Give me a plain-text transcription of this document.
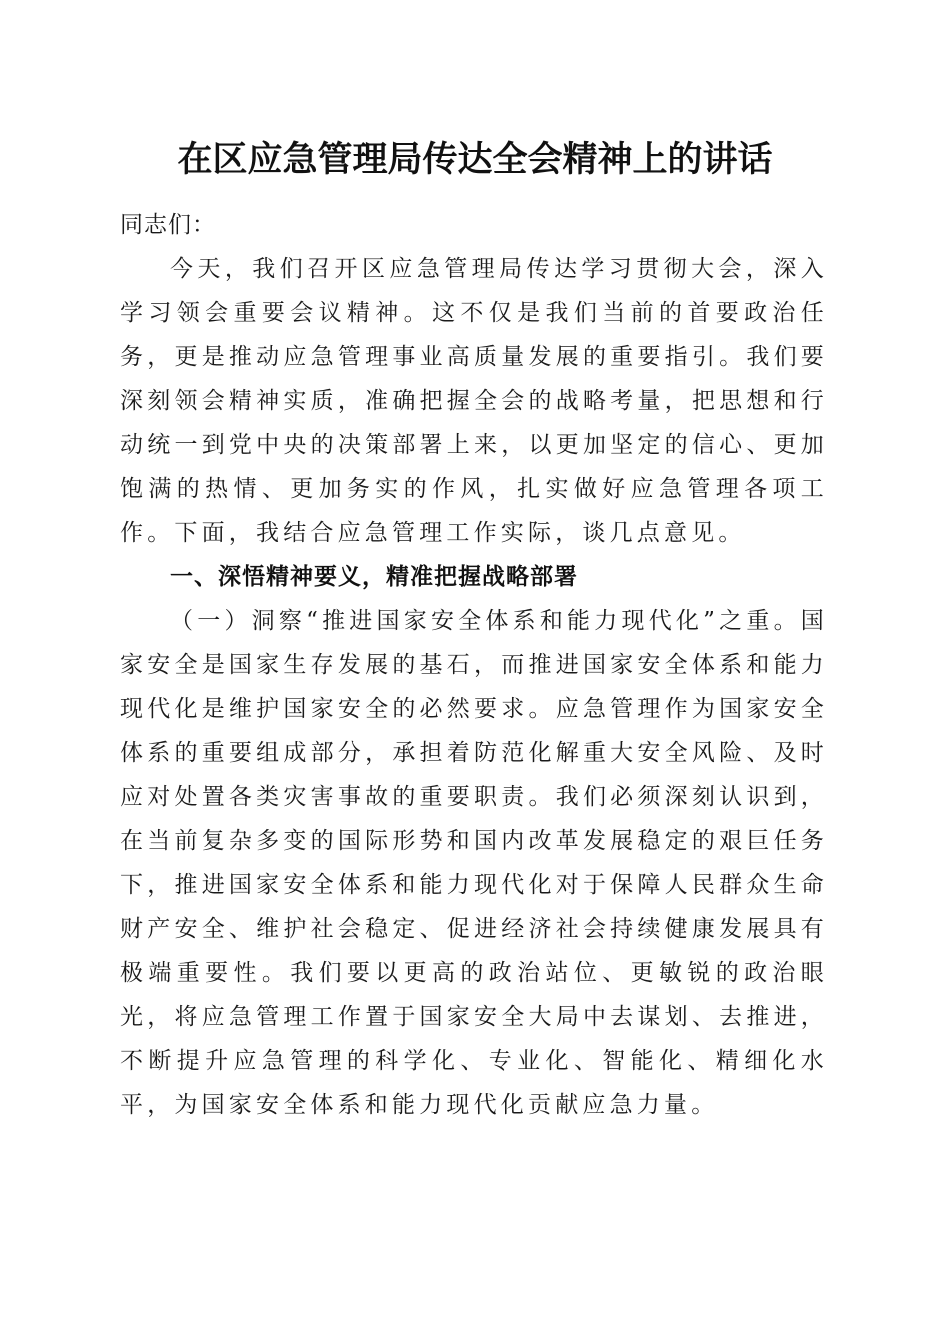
在区应急管理局传达全会精神上的讲话

同志们：

今天，我们召开区应急管理局传达学习贯彻大会，深入学习领会重要会议精神。这不仅是我们当前的首要政治任务，更是推动应急管理事业高质量发展的重要指引。我们要深刻领会精神实质，准确把握全会的战略考量，把思想和行动统一到党中央的决策部署上来，以更加坚定的信心、更加饱满的热情、更加务实的作风，扎实做好应急管理各项工作。下面，我结合应急管理工作实际，谈几点意见。

一、深悟精神要义，精准把握战略部署

（一）洞察“推进国家安全体系和能力现代化”之重。国家安全是国家生存发展的基石，而推进国家安全体系和能力现代化是维护国家安全的必然要求。应急管理作为国家安全体系的重要组成部分，承担着防范化解重大安全风险、及时应对处置各类灾害事故的重要职责。我们必须深刻认识到，在当前复杂多变的国际形势和国内改革发展稳定的艰巨任务下，推进国家安全体系和能力现代化对于保障人民群众生命财产安全、维护社会稳定、促进经济社会持续健康发展具有极端重要性。我们要以更高的政治站位、更敏锐的政治眼光，将应急管理工作置于国家安全大局中去谋划、去推进，不断提升应急管理的科学化、专业化、智能化、精细化水平，为国家安全体系和能力现代化贡献应急力量。
